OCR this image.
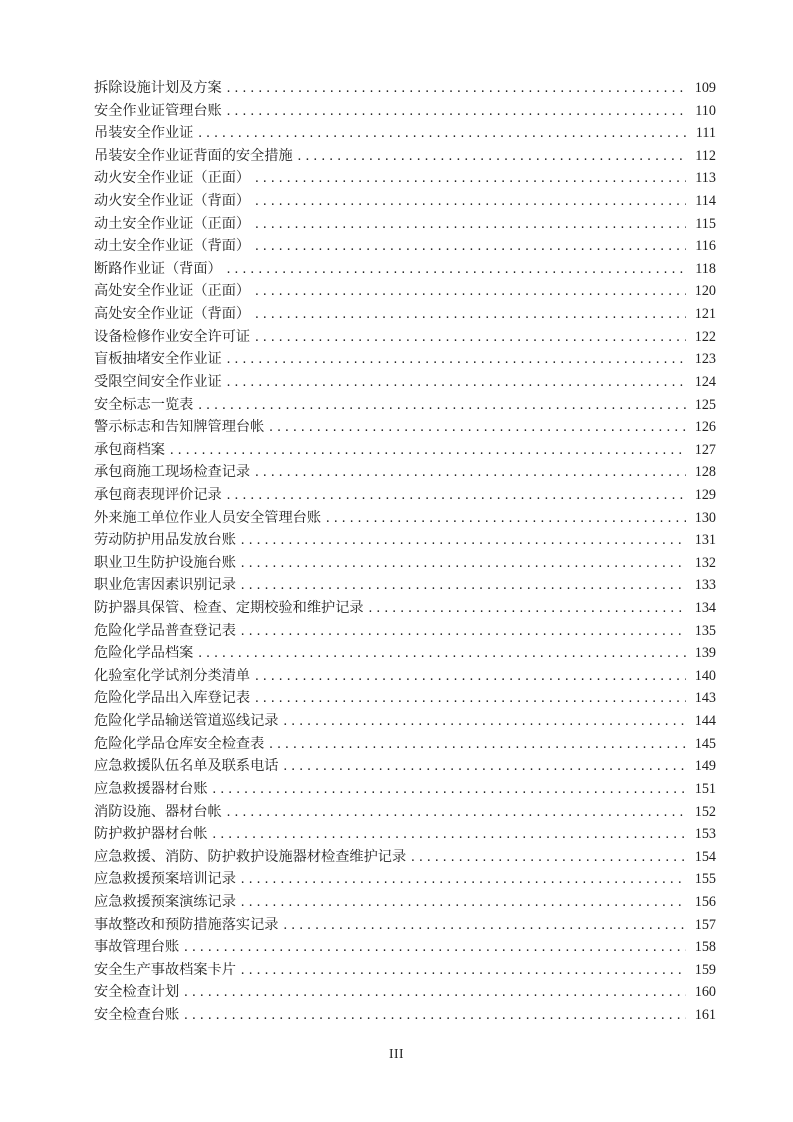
拆除设施计划及方案 .....	109
安全作业证管理台账 .....	110
吊装安全作业证 .....	111
吊装安全作业证背面的安全措施 .....	112
动火安全作业证（正面） .....	113
动火安全作业证（背面） .....	114
动土安全作业证（正面） .....	115
动土安全作业证（背面） .....	116
断路作业证（背面） .....	118
高处安全作业证（正面） .....	120
高处安全作业证（背面） .....	121
设备检修作业安全许可证 .....	122
盲板抽堵安全作业证 .....	123
受限空间安全作业证 .....	124
安全标志一览表 .....	125
警示标志和告知牌管理台帐 .....	126
承包商档案 .....	127
承包商施工现场检查记录 .....	128
承包商表现评价记录 .....	129
外来施工单位作业人员安全管理台账 .....	130
劳动防护用品发放台账 .....	131
职业卫生防护设施台账 .....	132
职业危害因素识别记录 .....	133
防护器具保管、检查、定期校验和维护记录 .....	134
危险化学品普查登记表 .....	135
危险化学品档案 .....	139
化验室化学试剂分类清单 .....	140
危险化学品出入库登记表 .....	143
危险化学品输送管道巡线记录 .....	144
危险化学品仓库安全检查表 .....	145
应急救援队伍名单及联系电话 .....	149
应急救援器材台账 .....	151
消防设施、器材台帐 .....	152
防护救护器材台帐 .....	153
应急救援、消防、防护救护设施器材检查维护记录 .....	154
应急救援预案培训记录 .....	155
应急救援预案演练记录 .....	156
事故整改和预防措施落实记录 .....	157
事故管理台账 .....	158
安全生产事故档案卡片 .....	159
安全检查计划 .....	160
安全检查台账 .....	161
III
